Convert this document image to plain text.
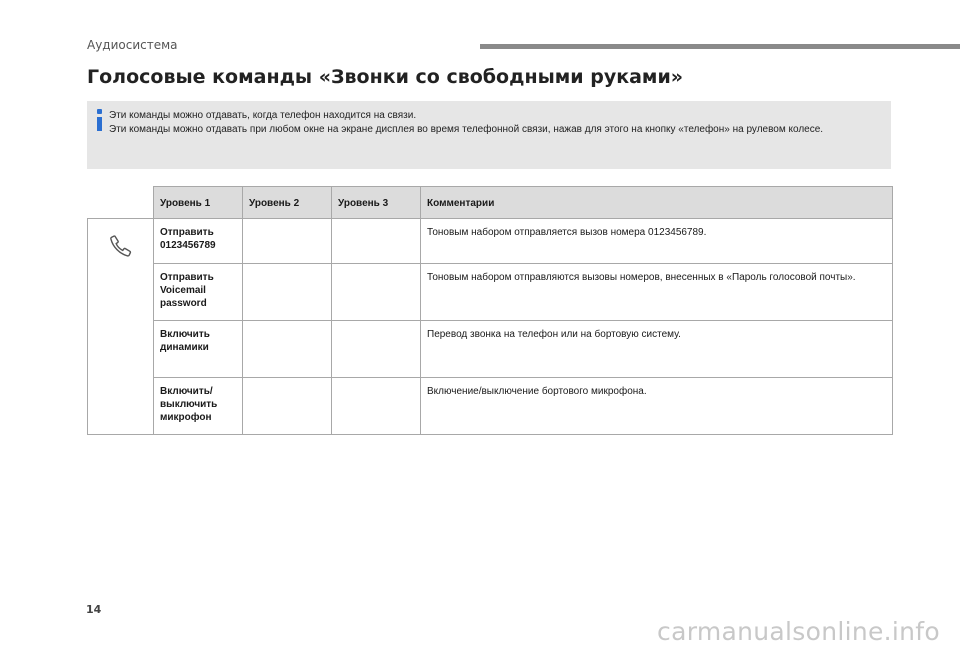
Аудиосистема
Голосовые команды «Звонки со свободными руками»
Эти команды можно отдавать, когда телефон находится на связи.
Эти команды можно отдавать при любом окне на экране дисплея во время телефонной связи, нажав для этого на кнопку «телефон» на рулевом колесе.
	Уровень 1	Уровень 2	Уровень 3	Комментарии
	Отправить 0123456789			Тоновым набором отправляется вызов номера 0123456789.
	Отправить Voicemail password			Тоновым набором отправляются вызовы номеров, внесенных в «Пароль голосовой почты».
	Включить динамики			Перевод звонка на телефон или на бортовую систему.
	Включить/ выключить микрофон			Включение/выключение бортового микрофона.
14
carmanualsonline.info
